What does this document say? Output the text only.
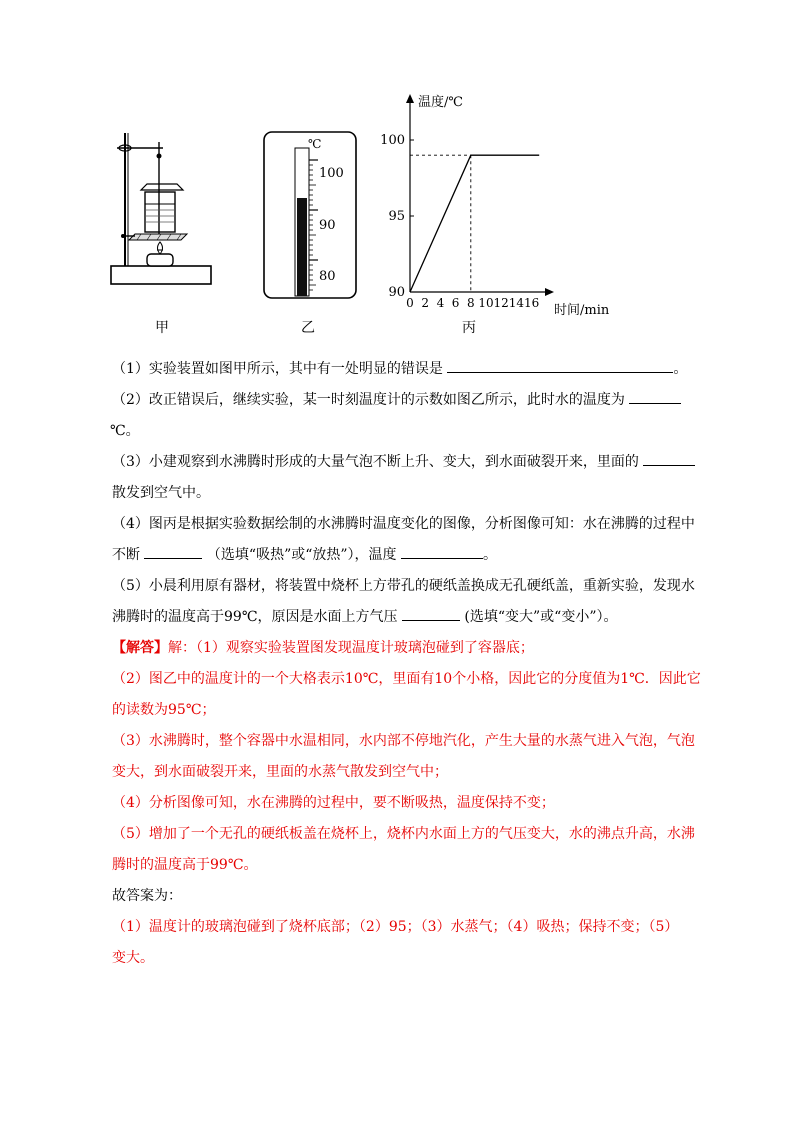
甲
℃
100
90
80
乙
温度/℃
时间/min
0 2 4 6 8 10 12 14 16
90
95
100
丙
（1）实验装置如图甲所示，其中有一处明显的错误是	。
（2）改正错误后，继续实验，某一时刻温度计的示数如图乙所示，此时水的温度为
℃。
（3）小建观察到水沸腾时形成的大量气泡不断上升、变大，到水面破裂开来，里面的
散发到空气中。
（4）图丙是根据实验数据绘制的水沸腾时温度变化的图像，分析图像可知：水在沸腾的过程中
不断	（选填“吸热”或“放热”），温度	。
（5）小晨利用原有器材，将装置中烧杯上方带孔的硬纸盖换成无孔硬纸盖，重新实验，发现水
沸腾时的温度高于99℃，原因是水面上方气压	(选填“变大”或“变小”）。
【解答】解：（1）观察实验装置图发现温度计玻璃泡碰到了容器底；
（2）图乙中的温度计的一个大格表示10℃，里面有10个小格，因此它的分度值为1℃．因此它
的读数为95℃；
（3）水沸腾时，整个容器中水温相同，水内部不停地汽化，产生大量的水蒸气进入气泡，气泡
变大，到水面破裂开来，里面的水蒸气散发到空气中；
（4）分析图像可知，水在沸腾的过程中，要不断吸热，温度保持不变；
（5）增加了一个无孔的硬纸板盖在烧杯上，烧杯内水面上方的气压变大，水的沸点升高，水沸
腾时的温度高于99℃。
故答案为：
（1）温度计的玻璃泡碰到了烧杯底部；（2）95；（3）水蒸气；（4）吸热；保持不变；（5）
变大。
